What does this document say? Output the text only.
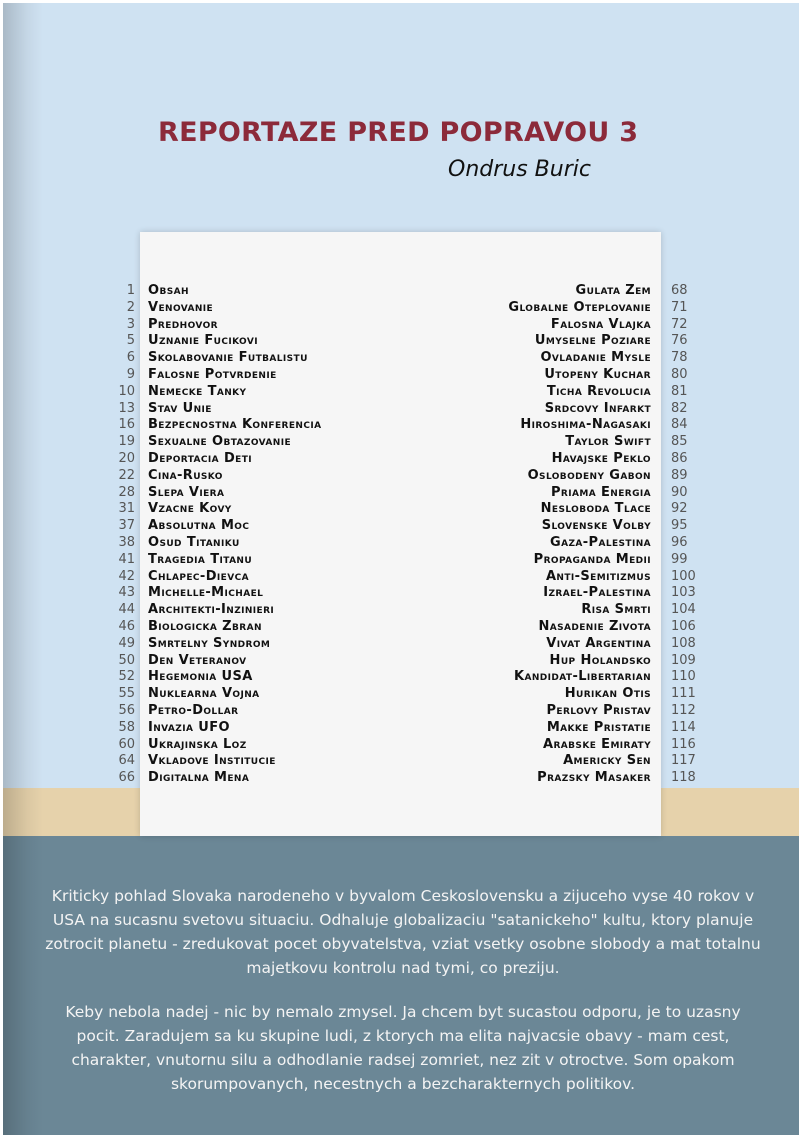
REPORTAZE PRED POPRAVOU 3
Ondrus Buric
1 Obsah	Gulata Zem 68
2 Venovanie	Globalne Oteplovanie 71
3 Predhovor	Falosna Vlajka 72
5 Uznanie Fucikovi	Umyselne Poziare 76
6 Skolabovanie Futbalistu	Ovladanie Mysle 78
9 Falosne Potvrdenie	Utopeny Kuchar 80
10 Nemecke Tanky	Ticha Revolucia 81
13 Stav Unie	Srdcovy Infarkt 82
16 Bezpecnostna Konferencia	Hiroshima-Nagasaki 84
19 Sexualne Obtazovanie	Taylor Swift 85
20 Deportacia Deti	Havajske Peklo 86
22 Cina-Rusko	Oslobodeny Gabon 89
28 Slepa Viera	Priama Energia 90
31 Vzacne Kovy	Nesloboda Tlace 92
37 Absolutna Moc	Slovenske Volby 95
38 Osud Titaniku	Gaza-Palestina 96
41 Tragedia Titanu	Propaganda Medii 99
42 Chlapec-Dievca	Anti-Semitizmus 100
43 Michelle-Michael	Izrael-Palestina 103
44 Architekti-Inzinieri	Risa Smrti 104
46 Biologicka Zbran	Nasadenie Zivota 106
49 Smrtelny Syndrom	Vivat Argentina 108
50 Den Veteranov	Hup Holandsko 109
52 Hegemonia USA	Kandidat-Libertarian 110
55 Nuklearna Vojna	Hurikan Otis 111
56 Petro-Dollar	Perlovy Pristav 112
58 Invazia UFO	Makke Pristatie 114
60 Ukrajinska Loz	Arabske Emiraty 116
64 Vkladove Institucie	Americky Sen 117
66 Digitalna Mena	Prazsky Masaker 118
Kriticky pohlad Slovaka narodeneho v byvalom Ceskoslovensku a zijuceho vyse 40 rokov v USA na sucasnu svetovu situaciu. Odhaluje globalizaciu "satanickeho" kultu, ktory planuje zotrocit planetu - zredukovat pocet obyvatelstva, vziat vsetky osobne slobody a mat totalnu majetkovu kontrolu nad tymi, co preziju.
Keby nebola nadej - nic by nemalo zmysel. Ja chcem byt sucastou odporu, je to uzasny pocit. Zaradujem sa ku skupine ludi, z ktorych ma elita najvacsie obavy - mam cest, charakter, vnutornu silu a odhodlanie radsej zomriet, nez zit v otroctve. Som opakom skorumpovanych, necestnych a bezcharakternych politikov.
